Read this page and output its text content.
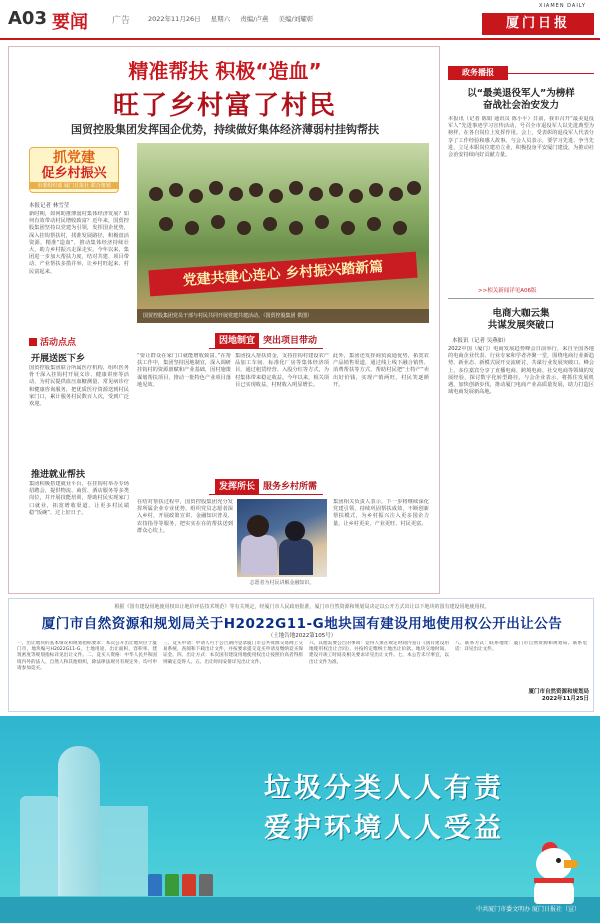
A03 要闻	广告	2022年11月26日 星期六 责编/卢燕 美编/刘耀彰
XIAMEN DAILY
厦门日报
精准帮扶 积极“造血”
旺了乡村富了村民
国贸控股集团发挥国企优势，持续做好集体经济薄弱村挂钩帮扶
抓党建
促乡村振兴
市委组织部 厦门日报社 联合策划
党建共建心连心 乡村振兴踏新篇
国贸控股集团党员干部与村民共同开展党建共建活动。（国贸控股集团 供图）
本报记者 林雪莹
新时期，如何助推薄弱村集体经济发展？如何有效带动村民增收致富？近年来，国贸控股集团坚持以党建为引领，发挥国企优势，深入挂钩帮扶村，找准发展路径，积极盘活资源，精准“造血”，推动集体经济持续壮大，助力乡村振兴走深走实。今年以来，集团进一步加大帮扶力度，结对共建、项目带动、产业帮扶多措并举，让乡村旺起来、村民富起来。
活动点点
开展送医下乡
国贸控股集团联合所属医疗机构，组织医务骨干深入挂钩村开展义诊、健康讲座等活动，为村民提供血压血糖测量、常见病诊疗和健康咨询服务，把优质医疗资源送到村民家门口，累计服务村民数百人次，受到广泛欢迎。
推进就业帮扶
集团积极搭建就业平台，在挂钩村举办专场招聘会，提供物流、商贸、酒店服务等多类岗位，并开展技能培训，帮助村民实现家门口就业，拓宽增收渠道，让更多村民端稳“饭碗”、过上好日子。
因地制宜 突出项目带动
“要让群众在家门口就能增收致富。”在帮扶工作中，集团坚持因地制宜，深入调研挂钩村的资源禀赋和产业基础，因村施策谋划帮扶项目，推动一批特色产业项目落地见效。
集团投入帮扶资金，支持挂钩村建设农产品加工车间、标准化厂房等集体经济项目，通过租赁经营、入股分红等方式，为村集体带来稳定收益。今年以来，相关项目已实现收益，村财收入明显增长。
此外，集团还发挥商贸流通优势，拓宽农产品销售渠道，通过线上线下融合销售、消费帮扶等方式，帮助村民把“土特产”卖出好价钱，实现产销两旺，村民笑逐颜开。
发挥所长 服务乡村所需
在结对帮扶过程中，国贸控股集团充分发挥所属企业专业优势，组织党员志愿者深入乡村，开展政策宣讲、金融知识普及、农技指导等服务，把实实在在的帮扶送到群众心坎上。
志愿者为村民讲解金融知识。
集团相关负责人表示，下一步将继续深化党建引领，持续巩固帮扶成效，不断创新帮扶模式，为乡村振兴注入更多国企力量，让乡村更美、产业更旺、村民更富。
政务播报
以“最美退役军人”为榜样
奋战社会治安发力
本报讯（记者 陈娟 通讯员 陈小平）日前，我市召开“最美退役军人”先进事迹学习宣传活动，号召全市退役军人以先进典型为榜样，在各自岗位上发挥作用。会上，受表彰的退役军人代表分享了工作经验和感人故事。与会人员表示，要学习先进、争当先进，立足本职岗位建功立业，积极投身平安厦门建设，为推动社会治安持续向好贡献力量。
>>相关新闻详见A06版
电商大咖云集
共谋发展突破口
本报讯（记者 吴燕如）
2022中国（厦门）电商发展趋势峰会日前举行，来自全国各地的电商企业代表、行业专家和学者齐聚一堂，围绕电商行业新趋势、新业态、新模式展开交流研讨，共谋行业发展突破口。峰会上，多位嘉宾分享了直播电商、跨境电商、社交电商等领域的发展经验，探讨数字化转型路径。与会企业表示，将抓住发展机遇，加快创新步伐，推动厦门电商产业高质量发展，助力打造区域电商发展新高地。
根据《国有建设用地使用权出让地价评估技术规范》等有关规定，经厦门市人民政府批准，厦门市自然资源和规划局决定以公开方式出让以下地块的国有建设用地使用权。
厦门市自然资源和规划局关于H2022G11-G地块国有建设用地使用权公开出让公告
（土地告地2022第105号）
一、出让地块的基本情况和规划指标要求：本次公开出让地块位于厦门市，地块编号H2022G11-G，土地用途、出让面积、容积率、建筑密度等规划指标详见出让文件。二、竞买人资格：中华人民共和国境内外的法人、自然人和其他组织，除法律法规另有规定外，均可申请参加竞买。
三、竞买申请：申请人可于公告期内登录厦门市公共资源交易网上交易系统，查阅和下载出让文件，并按要求提交竞买申请及缴纳竞买保证金。四、出让方式：本次国有建设用地使用权出让按照价高者得原则确定竞得人。五、出让时间安排详见出让文件。
六、其他需要公告的事项：竞得人须在规定时间内签订《国有建设用地使用权出让合同》，并按约定缴纳土地出让价款。地块交地时间、建设开竣工时间及相关要求详见出让文件。七、本公告未尽事宜，以出让文件为准。
八、联系方式：联系地址：厦门市自然资源和规划局。联系电话：详见出让文件。
厦门市自然资源和规划局
2022年11月25日
垃圾分类人人有责
爱护环境人人受益
中共厦门市委文明办 厦门日报社（宣）
